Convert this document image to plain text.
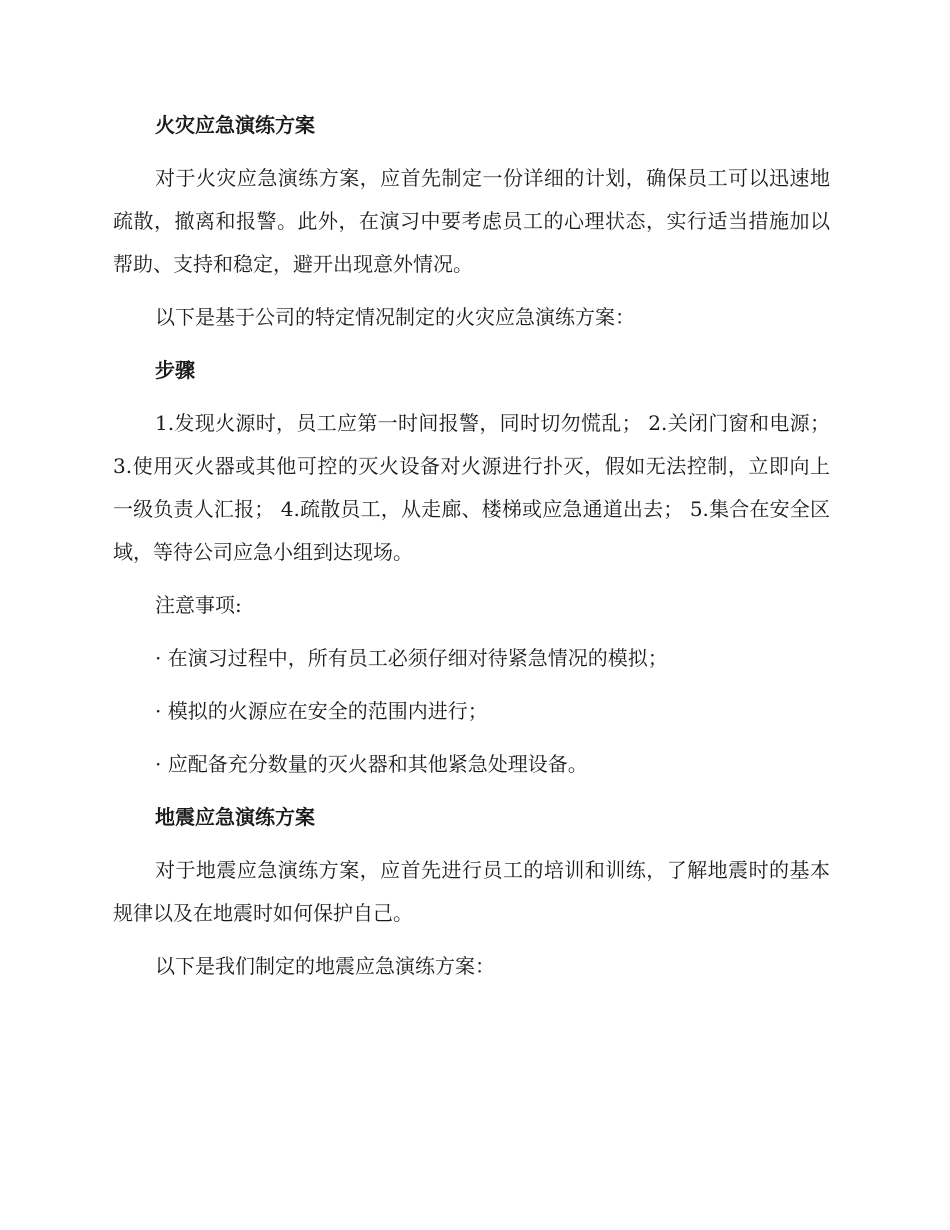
火灾应急演练方案
对于火灾应急演练方案，应首先制定一份详细的计划，确保员工可以迅速地疏散，撤离和报警。此外，在演习中要考虑员工的心理状态，实行适当措施加以帮助、支持和稳定，避开出现意外情况。
以下是基于公司的特定情况制定的火灾应急演练方案：
步骤
1.发现火源时，员工应第一时间报警，同时切勿慌乱； 2.关闭门窗和电源； 3.使用灭火器或其他可控的灭火设备对火源进行扑灭，假如无法控制，立即向上一级负责人汇报； 4.疏散员工，从走廊、楼梯或应急通道出去； 5.集合在安全区域，等待公司应急小组到达现场。
注意事项:
· 在演习过程中，所有员工必须仔细对待紧急情况的模拟；
· 模拟的火源应在安全的范围内进行；
· 应配备充分数量的灭火器和其他紧急处理设备。
地震应急演练方案
对于地震应急演练方案，应首先进行员工的培训和训练，了解地震时的基本规律以及在地震时如何保护自己。
以下是我们制定的地震应急演练方案：
